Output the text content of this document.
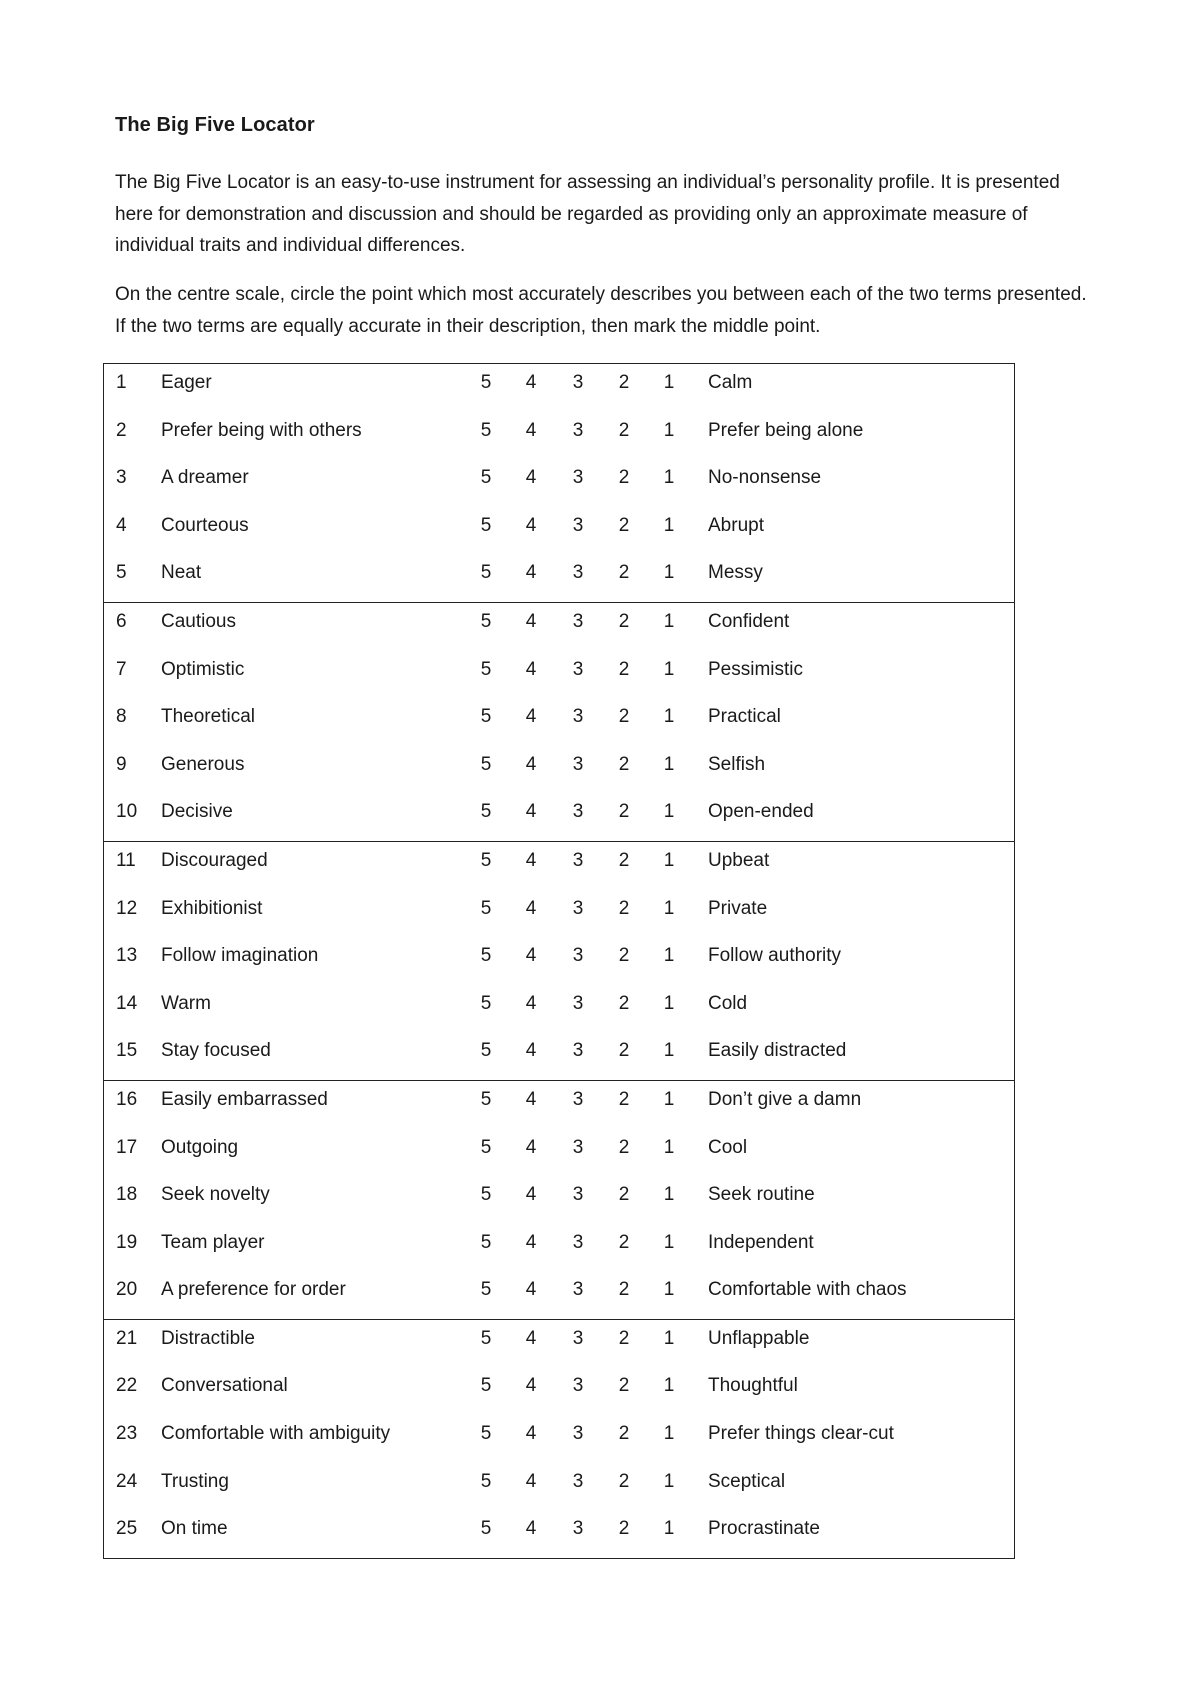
The Big Five Locator
The Big Five Locator is an easy-to-use instrument for assessing an individual’s personality profile. It is presented here for demonstration and discussion and should be regarded as providing only an approximate measure of individual traits and individual differences.
On the centre scale, circle the point which most accurately describes you between each of the two terms presented. If the two terms are equally accurate in their description, then mark the middle point.
1 Eager	5 4 3 2 1 Calm
2 Prefer being with others	5 4 3 2 1 Prefer being alone
3 A dreamer	5 4 3 2 1 No-nonsense
4 Courteous	5 4 3 2 1 Abrupt
5 Neat	5 4 3 2 1 Messy
6 Cautious	5 4 3 2 1 Confident
7 Optimistic	5 4 3 2 1 Pessimistic
8 Theoretical	5 4 3 2 1 Practical
9 Generous	5 4 3 2 1 Selfish
10 Decisive	5 4 3 2 1 Open-ended
11 Discouraged	5 4 3 2 1 Upbeat
12 Exhibitionist	5 4 3 2 1 Private
13 Follow imagination	5 4 3 2 1 Follow authority
14 Warm	5 4 3 2 1 Cold
15 Stay focused	5 4 3 2 1 Easily distracted
16 Easily embarrassed	5 4 3 2 1 Don’t give a damn
17 Outgoing	5 4 3 2 1 Cool
18 Seek novelty	5 4 3 2 1 Seek routine
19 Team player	5 4 3 2 1 Independent
20 A preference for order	5 4 3 2 1 Comfortable with chaos
21 Distractible	5 4 3 2 1 Unflappable
22 Conversational	5 4 3 2 1 Thoughtful
23 Comfortable with ambiguity	5 4 3 2 1 Prefer things clear-cut
24 Trusting	5 4 3 2 1 Sceptical
25 On time	5 4 3 2 1 Procrastinate
